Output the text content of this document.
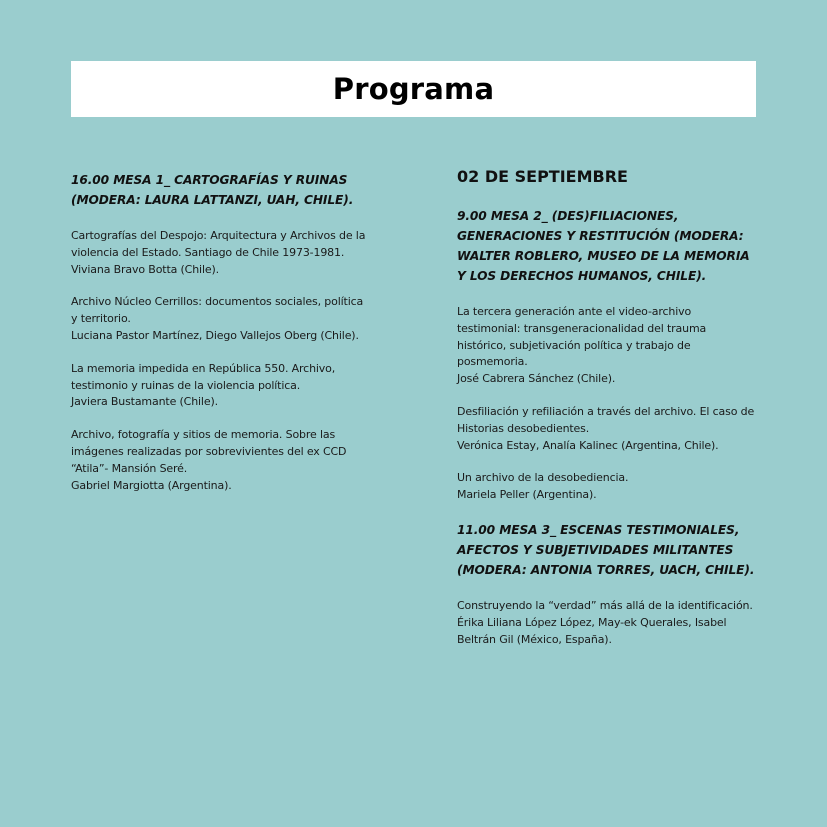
Programa

16.00 MESA 1_ CARTOGRAFÍAS Y RUINAS
(MODERA: LAURA LATTANZI, UAH, CHILE).

Cartografías del Despojo: Arquitectura y Archivos de la violencia del Estado. Santiago de Chile 1973-1981.
Viviana Bravo Botta (Chile).
Archivo Núcleo Cerrillos: documentos sociales, política y territorio.
Luciana Pastor Martínez, Diego Vallejos Oberg (Chile).
La memoria impedida en República 550. Archivo, testimonio y ruinas de la violencia política.
Javiera Bustamante (Chile).
Archivo, fotografía y sitios de memoria. Sobre las imágenes realizadas por sobrevivientes del ex CCD “Atila”- Mansión Seré.
Gabriel Margiotta (Argentina).

02 DE SEPTIEMBRE

9.00 MESA 2_ (DES)FILIACIONES, GENERACIONES Y RESTITUCIÓN (MODERA: WALTER ROBLERO, MUSEO DE LA MEMORIA Y LOS DERECHOS HUMANOS, CHILE).

La tercera generación ante el video-archivo testimonial: transgeneracionalidad del trauma histórico, subjetivación política y trabajo de posmemoria.
José Cabrera Sánchez (Chile).
Desfiliación y refiliación a través del archivo. El caso de Historias desobedientes.
Verónica Estay, Analía Kalinec (Argentina, Chile).
Un archivo de la desobediencia.
Mariela Peller (Argentina).

11.00 MESA 3_ ESCENAS TESTIMONIALES, AFECTOS Y SUBJETIVIDADES MILITANTES (MODERA: ANTONIA TORRES, UACH, CHILE).

Construyendo la “verdad” más allá de la identificación.
Érika Liliana López López, May-ek Querales, Isabel Beltrán Gil (México, España).
